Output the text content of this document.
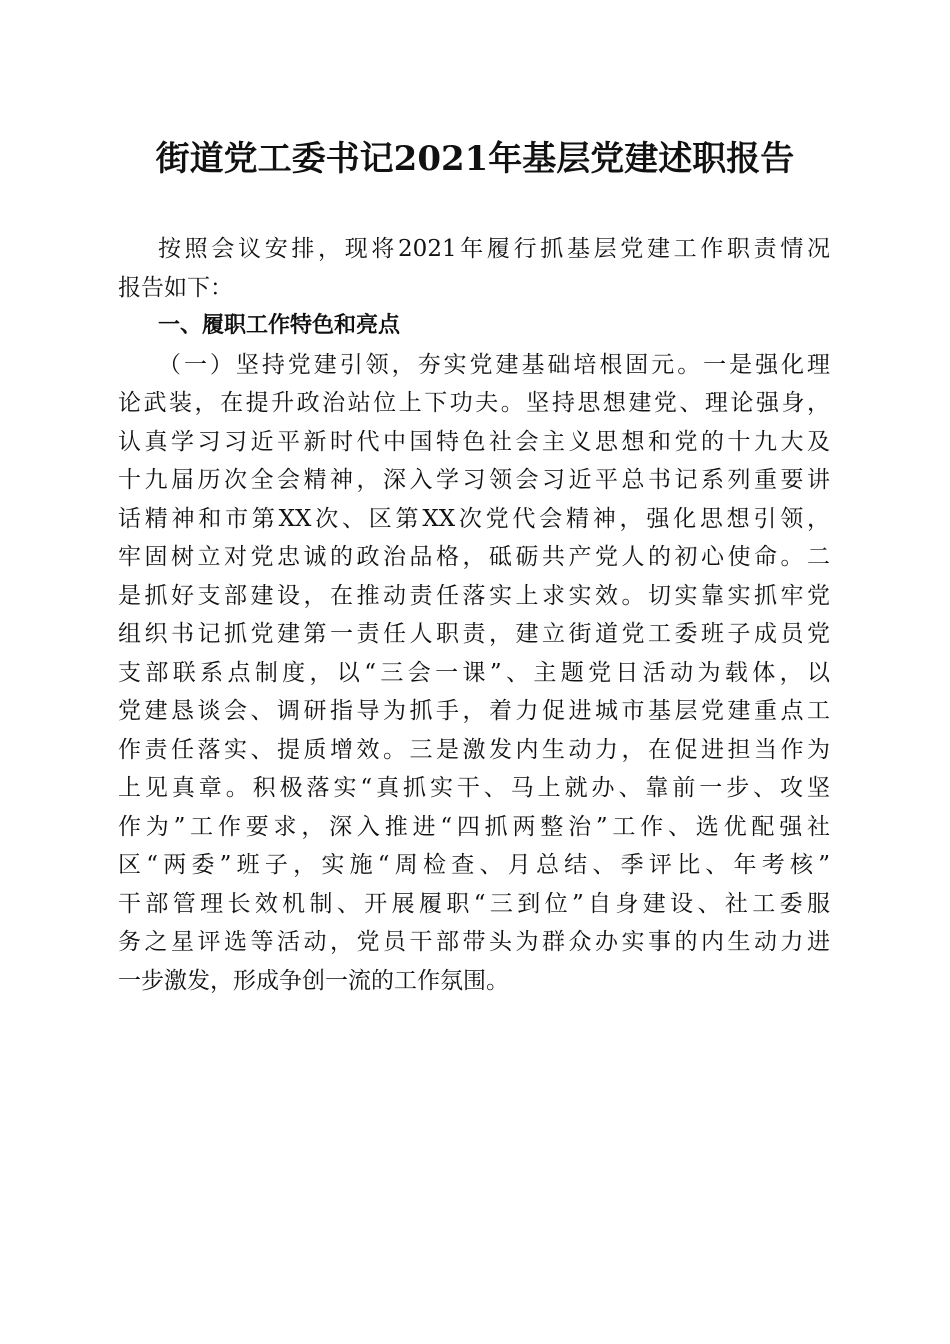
街道党工委书记2021年基层党建述职报告
按照会议安排，现将2021年履行抓基层党建工作职责情况
报告如下：
一、履职工作特色和亮点
（一）坚持党建引领，夯实党建基础培根固元。一是强化理
论武装，在提升政治站位上下功夫。坚持思想建党、理论强身，
认真学习习近平新时代中国特色社会主义思想和党的十九大及
十九届历次全会精神，深入学习领会习近平总书记系列重要讲
话精神和市第XX次、区第XX次党代会精神，强化思想引领，
牢固树立对党忠诚的政治品格，砥砺共产党人的初心使命。二
是抓好支部建设，在推动责任落实上求实效。切实靠实抓牢党
组织书记抓党建第一责任人职责，建立街道党工委班子成员党
支部联系点制度，以“三会一课”、主题党日活动为载体，以
党建恳谈会、调研指导为抓手，着力促进城市基层党建重点工
作责任落实、提质增效。三是激发内生动力，在促进担当作为
上见真章。积极落实“真抓实干、马上就办、靠前一步、攻坚
作为”工作要求，深入推进“四抓两整治”工作、选优配强社
区“两委”班子，实施“周检查、月总结、季评比、年考核”
干部管理长效机制、开展履职“三到位”自身建设、社工委服
务之星评选等活动，党员干部带头为群众办实事的内生动力进
一步激发，形成争创一流的工作氛围。
